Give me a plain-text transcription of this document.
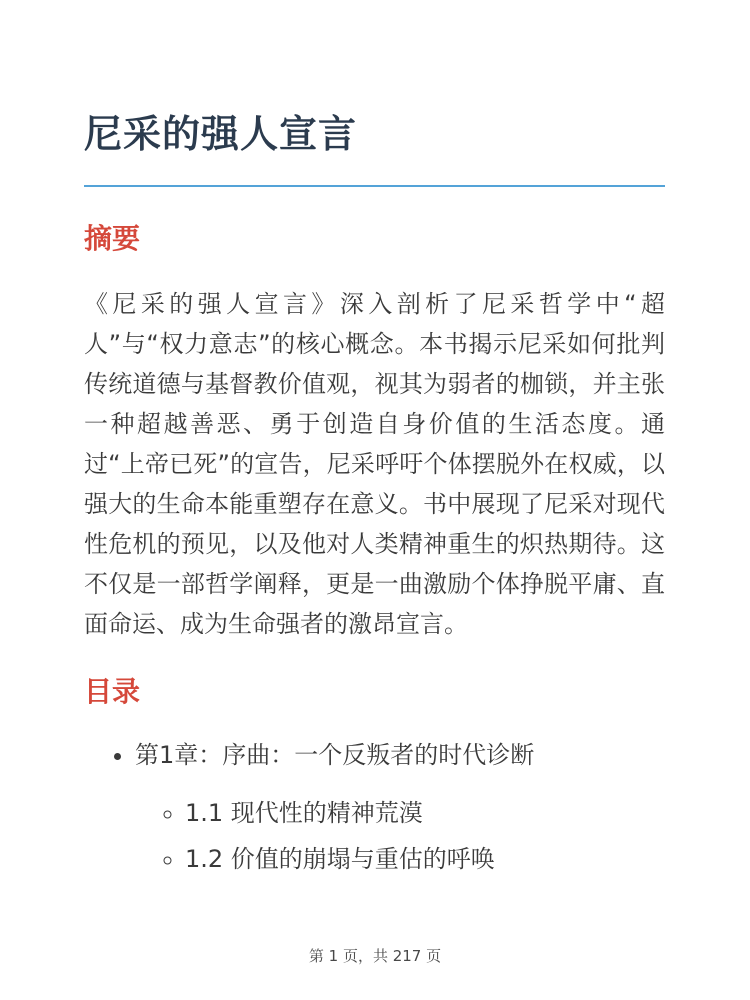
尼采的强人宣言
摘要

《尼采的强人宣言》深入剖析了尼采哲学中“超人”与“权力意志”的核心概念。本书揭示尼采如何批判传统道德与基督教价值观，视其为弱者的枷锁，并主张一种超越善恶、勇于创造自身价值的生活态度。通过“上帝已死”的宣告，尼采呼吁个体摆脱外在权威，以强大的生命本能重塑存在意义。书中展现了尼采对现代性危机的预见，以及他对人类精神重生的炽热期待。这不仅是一部哲学阐释，更是一曲激励个体挣脱平庸、直面命运、成为生命强者的激昂宣言。

目录
• 第1章：序曲：一个反叛者的时代诊断
◦ 1.1 现代性的精神荒漠
◦ 1.2 价值的崩塌与重估的呼唤
第 1 页，共 217 页
